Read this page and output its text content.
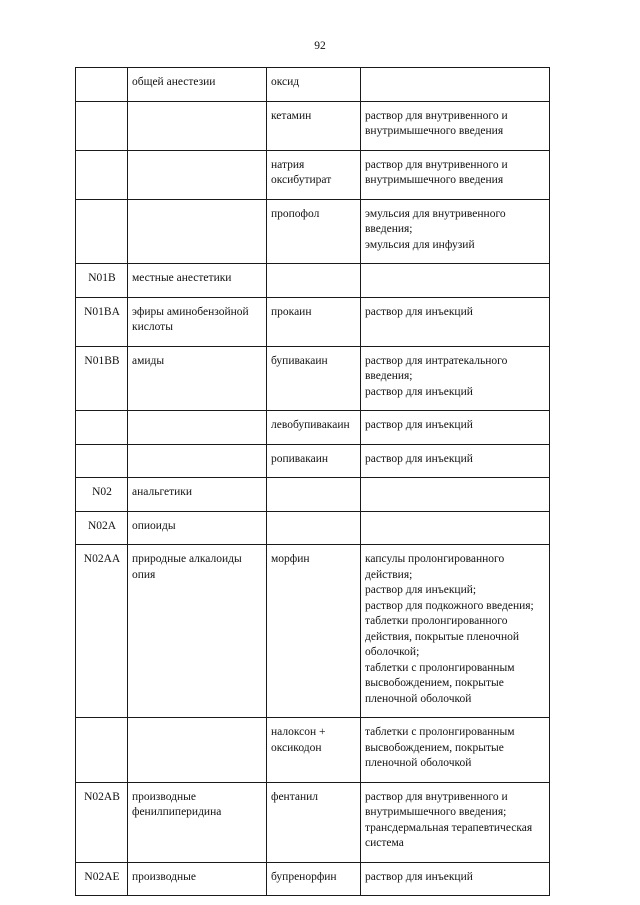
92
	общей анестезии	оксид	
		кетамин	раствор для внутривенного и внутримышечного введения

		натрия оксибутират	раствор для внутривенного и внутримышечного введения

		пропофол	эмульсия для внутривенного введения;
эмульсия для инфузий

N01B	местные анестетики		
N01BA	эфиры аминобензойной кислоты	прокаин	раствор для инъекций

N01BB	амиды	бупивакаин	раствор для интратекального введения;
раствор для инъекций

		левобупивакаин	раствор для инъекций

		ропивакаин	раствор для инъекций

N02	анальгетики		
N02A	опиоиды		
N02AA	природные алкалоиды опия	морфин	капсулы пролонгированного действия;
раствор для инъекций;
раствор для подкожного введения;
таблетки пролонгированного действия, покрытые пленочной оболочкой;
таблетки с пролонгированным высвобождением, покрытые пленочной оболочкой

		налоксон + оксикодон	таблетки с пролонгированным высвобождением, покрытые пленочной оболочкой

N02AB	производные фенилпиперидина	фентанил	раствор для внутривенного и внутримышечного введения;
трансдермальная терапевтическая система

N02AE	производные	бупренорфин	раствор для инъекций
